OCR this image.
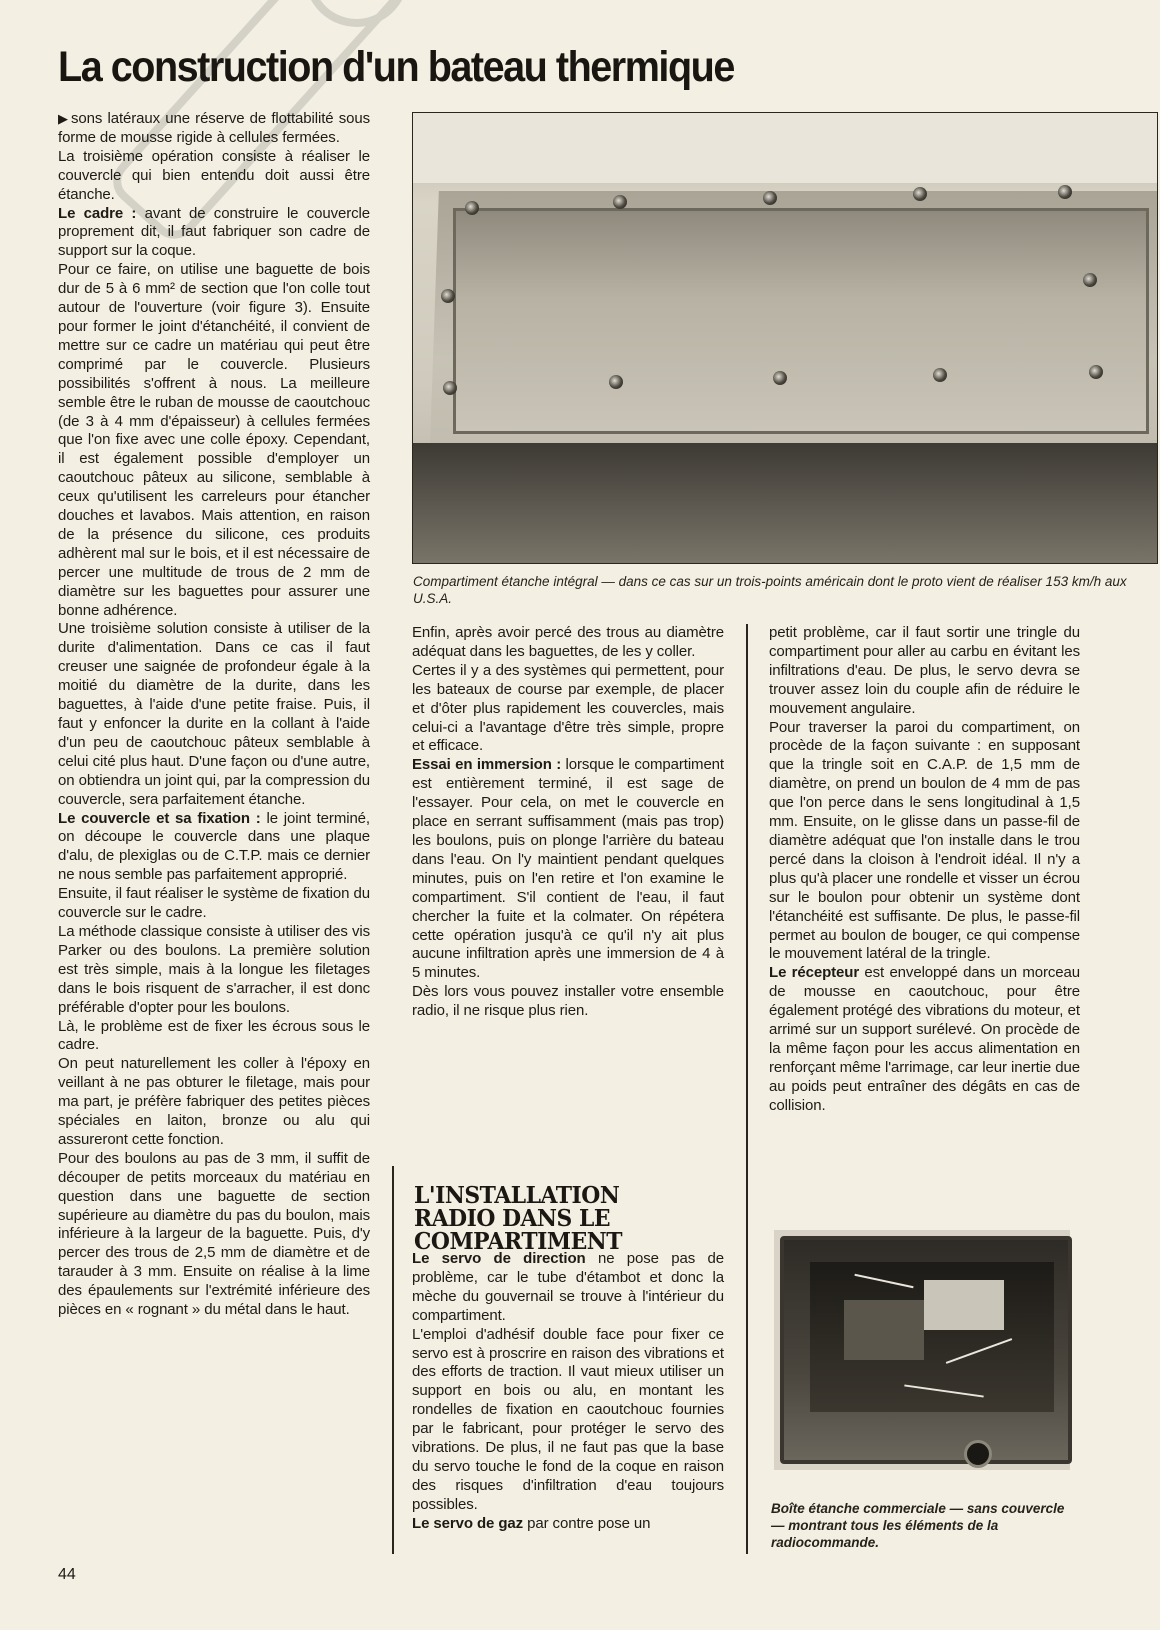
La construction d'un bateau thermique

▶ sons latéraux une réserve de flottabilité sous forme de mousse rigide à cellules fermées.

La troisième opération consiste à réaliser le couvercle qui bien entendu doit aussi être étanche.

Le cadre : avant de construire le couvercle proprement dit, il faut fabriquer son cadre de support sur la coque.

Pour ce faire, on utilise une baguette de bois dur de 5 à 6 mm² de section que l'on colle tout autour de l'ouverture (voir figure 3). Ensuite pour former le joint d'étanchéité, il convient de mettre sur ce cadre un matériau qui peut être comprimé par le couvercle. Plusieurs possibilités s'offrent à nous. La meilleure semble être le ruban de mousse de caoutchouc (de 3 à 4 mm d'épaisseur) à cellules fermées que l'on fixe avec une colle époxy. Cependant, il est également possible d'employer un caoutchouc pâteux au silicone, semblable à ceux qu'utilisent les carreleurs pour étancher douches et lavabos. Mais attention, en raison de la présence du silicone, ces produits adhèrent mal sur le bois, et il est nécessaire de percer une multitude de trous de 2 mm de diamètre sur les baguettes pour assurer une bonne adhérence.

Une troisième solution consiste à utiliser de la durite d'alimentation. Dans ce cas il faut creuser une saignée de profondeur égale à la moitié du diamètre de la durite, dans les baguettes, à l'aide d'une petite fraise. Puis, il faut y enfoncer la durite en la collant à l'aide d'un peu de caoutchouc pâteux semblable à celui cité plus haut. D'une façon ou d'une autre, on obtiendra un joint qui, par la compression du couvercle, sera parfaitement étanche.

Le couvercle et sa fixation : le joint terminé, on découpe le couvercle dans une plaque d'alu, de plexiglas ou de C.T.P. mais ce dernier ne nous semble pas parfaitement approprié.

Ensuite, il faut réaliser le système de fixation du couvercle sur le cadre.

La méthode classique consiste à utiliser des vis Parker ou des boulons. La première solution est très simple, mais à la longue les filetages dans le bois risquent de s'arracher, il est donc préférable d'opter pour les boulons.

Là, le problème est de fixer les écrous sous le cadre.

On peut naturellement les coller à l'époxy en veillant à ne pas obturer le filetage, mais pour ma part, je préfère fabriquer des petites pièces spéciales en laiton, bronze ou alu qui assureront cette fonction.

Pour des boulons au pas de 3 mm, il suffit de découper de petits morceaux du matériau en question dans une baguette de section supérieure au diamètre du pas du boulon, mais inférieure à la largeur de la baguette. Puis, d'y percer des trous de 2,5 mm de diamètre et de tarauder à 3 mm. Ensuite on réalise à la lime des épaulements sur l'extrémité inférieure des pièces en « rognant » du métal dans le haut.

Compartiment étanche intégral — dans ce cas sur un trois-points américain dont le proto vient de réaliser 153 km/h aux U.S.A.

Enfin, après avoir percé des trous au diamètre adéquat dans les baguettes, de les y coller.

Certes il y a des systèmes qui permettent, pour les bateaux de course par exemple, de placer et d'ôter plus rapidement les couvercles, mais celui-ci a l'avantage d'être très simple, propre et efficace.

Essai en immersion : lorsque le compartiment est entièrement terminé, il est sage de l'essayer. Pour cela, on met le couvercle en place en serrant suffisamment (mais pas trop) les boulons, puis on plonge l'arrière du bateau dans l'eau. On l'y maintient pendant quelques minutes, puis on l'en retire et l'on examine le compartiment. S'il contient de l'eau, il faut chercher la fuite et la colmater. On répétera cette opération jusqu'à ce qu'il n'y ait plus aucune infiltration après une immersion de 4 à 5 minutes.

Dès lors vous pouvez installer votre ensemble radio, il ne risque plus rien.

L'INSTALLATION RADIO DANS LE COMPARTIMENT

Le servo de direction ne pose pas de problème, car le tube d'étambot et donc la mèche du gouvernail se trouve à l'intérieur du compartiment.

L'emploi d'adhésif double face pour fixer ce servo est à proscrire en raison des vibrations et des efforts de traction. Il vaut mieux utiliser un support en bois ou alu, en montant les rondelles de fixation en caoutchouc fournies par le fabricant, pour protéger le servo des vibrations. De plus, il ne faut pas que la base du servo touche le fond de la coque en raison des risques d'infiltration d'eau toujours possibles.

Le servo de gaz par contre pose un

petit problème, car il faut sortir une tringle du compartiment pour aller au carbu en évitant les infiltrations d'eau. De plus, le servo devra se trouver assez loin du couple afin de réduire le mouvement angulaire.

Pour traverser la paroi du compartiment, on procède de la façon suivante : en supposant que la tringle soit en C.A.P. de 1,5 mm de diamètre, on prend un boulon de 4 mm de pas que l'on perce dans le sens longitudinal à 1,5 mm. Ensuite, on le glisse dans un passe-fil de diamètre adéquat que l'on installe dans le trou percé dans la cloison à l'endroit idéal. Il n'y a plus qu'à placer une rondelle et visser un écrou sur le boulon pour obtenir un système dont l'étanchéité est suffisante. De plus, le passe-fil permet au boulon de bouger, ce qui compense le mouvement latéral de la tringle.

Le récepteur est enveloppé dans un morceau de mousse en caoutchouc, pour être également protégé des vibrations du moteur, et arrimé sur un support surélevé. On procède de la même façon pour les accus alimentation en renforçant même l'arrimage, car leur inertie due au poids peut entraîner des dégâts en cas de collision.

Boîte étanche commerciale — sans couvercle — montrant tous les éléments de la radiocommande.
44
